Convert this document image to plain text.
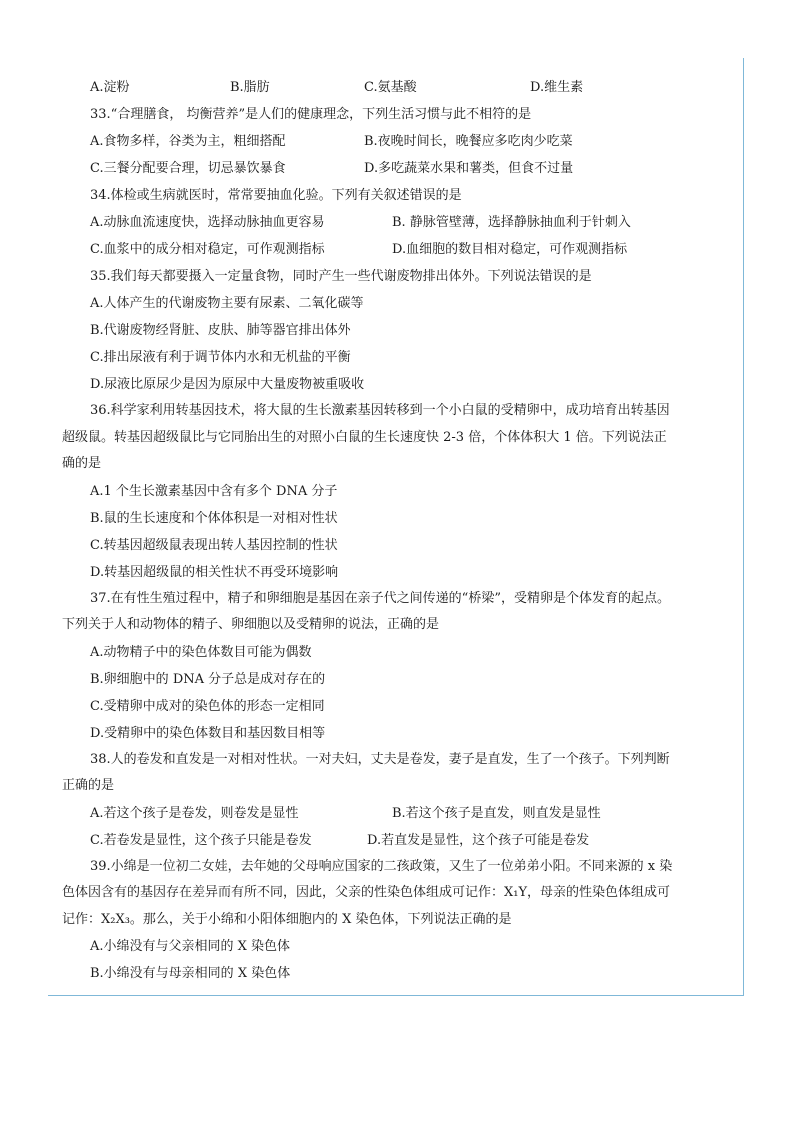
A.淀粉	B.脂肪	C.氨基酸	D.维生素
33.“合理膳食， 均衡营养”是人们的健康理念，下列生活习惯与此不相符的是
A.食物多样，谷类为主，粗细搭配	B.夜晚时间长，晚餐应多吃肉少吃菜
C.三餐分配要合理，切忌暴饮暴食	D.多吃蔬菜水果和薯类，但食不过量
34.体检或生病就医时，常常要抽血化验。下列有关叙述错误的是
A.动脉血流速度快，选择动脉抽血更容易	B. 静脉管壁薄，选择静脉抽血利于针刺入
C.血浆中的成分相对稳定，可作观测指标	D.血细胞的数目相对稳定，可作观测指标
35.我们每天都要摄入一定量食物，同时产生一些代谢废物排出体外。下列说法错误的是
A.人体产生的代谢废物主要有尿素、二氧化碳等
B.代谢废物经肾脏、皮肤、肺等器官排出体外
C.排出尿液有利于调节体内水和无机盐的平衡
D.尿液比原尿少是因为原尿中大量废物被重吸收
36.科学家利用转基因技术，将大鼠的生长激素基因转移到一个小白鼠的受精卵中，成功培育出转基因
超级鼠。转基因超级鼠比与它同胎出生的对照小白鼠的生长速度快 2-3 倍，个体体积大 1 倍。下列说法正
确的是
A.1 个生长激素基因中含有多个 DNA 分子
B.鼠的生长速度和个体体积是一对相对性状
C.转基因超级鼠表现出转人基因控制的性状
D.转基因超级鼠的相关性状不再受环境影响
37.在有性生殖过程中，精子和卵细胞是基因在亲子代之间传递的“桥梁”，受精卵是个体发育的起点。
下列关于人和动物体的精子、卵细胞以及受精卵的说法，正确的是
A.动物精子中的染色体数目可能为偶数
B.卵细胞中的 DNA 分子总是成对存在的
C.受精卵中成对的染色体的形态一定相同
D.受精卵中的染色体数目和基因数目相等
38.人的卷发和直发是一对相对性状。一对夫妇，丈夫是卷发，妻子是直发，生了一个孩子。下列判断
正确的是
A.若这个孩子是卷发，则卷发是显性	B.若这个孩子是直发，则直发是显性
C.若卷发是显性，这个孩子只能是卷发	D.若直发是显性，这个孩子可能是卷发
39.小绵是一位初二女娃，去年她的父母响应国家的二孩政策，又生了一位弟弟小阳。不同来源的 x 染
色体因含有的基因存在差异而有所不同，因此，父亲的性染色体组成可记作：X₁Y，母亲的性染色体组成可
记作：X₂X₃。那么，关于小绵和小阳体细胞内的 X 染色体，下列说法正确的是
A.小绵没有与父亲相同的 X 染色体
B.小绵没有与母亲相同的 X 染色体
